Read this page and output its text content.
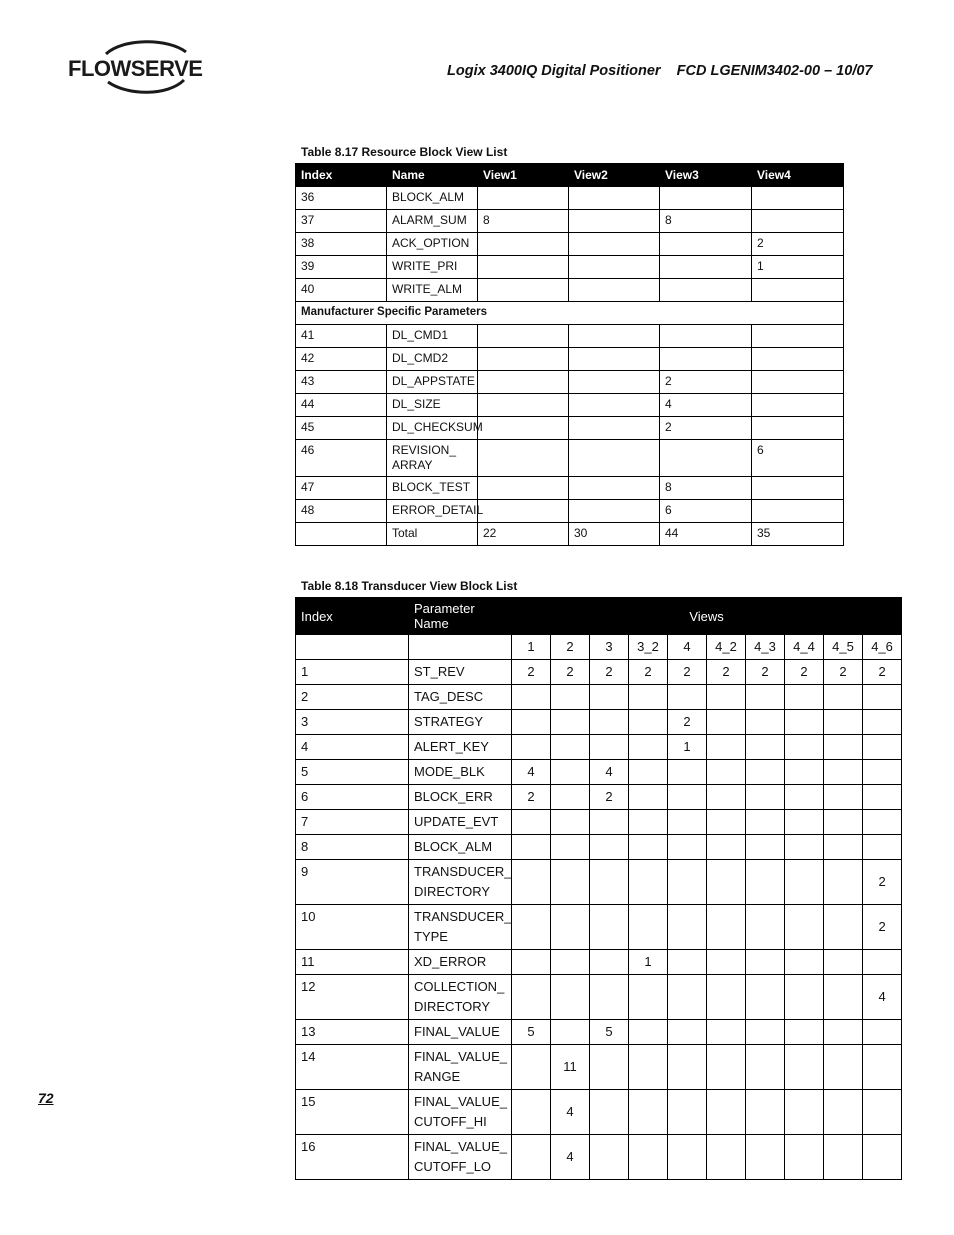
FLOWSERVE	Logix 3400IQ Digital Positioner    FCD LGENIM3402-00 – 10/07
Table 8.17 Resource Block View List
Index	Name	View1	View2	View3	View4
36	BLOCK_ALM				
37	ALARM_SUM	8		8	
38	ACK_OPTION				2
39	WRITE_PRI				1
40	WRITE_ALM				
Manufacturer Specific Parameters					
41	DL_CMD1				
42	DL_CMD2				
43	DL_APPSTATE			2	
44	DL_SIZE			4	
45	DL_CHECKSUM			2	
46	REVISION_
ARRAY				6
47	BLOCK_TEST			8	
48	ERROR_DETAIL			6	
	Total	22	30	44	35
Table 8.18 Transducer View Block List
Index	Parameter Name	Views									
		1	2	3	3_2	4	4_2	4_3	4_4	4_5	4_6
1	ST_REV	2	2	2	2	2	2	2	2	2	2
2	TAG_DESC										
3	STRATEGY					2					
4	ALERT_KEY					1					
5	MODE_BLK	4		4							
6	BLOCK_ERR	2		2							
7	UPDATE_EVT										
8	BLOCK_ALM										
9	TRANSDUCER_
DIRECTORY										2
10	TRANSDUCER_
TYPE										2
11	XD_ERROR				1						
12	COLLECTION_
DIRECTORY										4
13	FINAL_VALUE	5		5							
14	FINAL_VALUE_
RANGE		11								
15	FINAL_VALUE_
CUTOFF_HI		4								
16	FINAL_VALUE_
CUTOFF_LO		4								
72
